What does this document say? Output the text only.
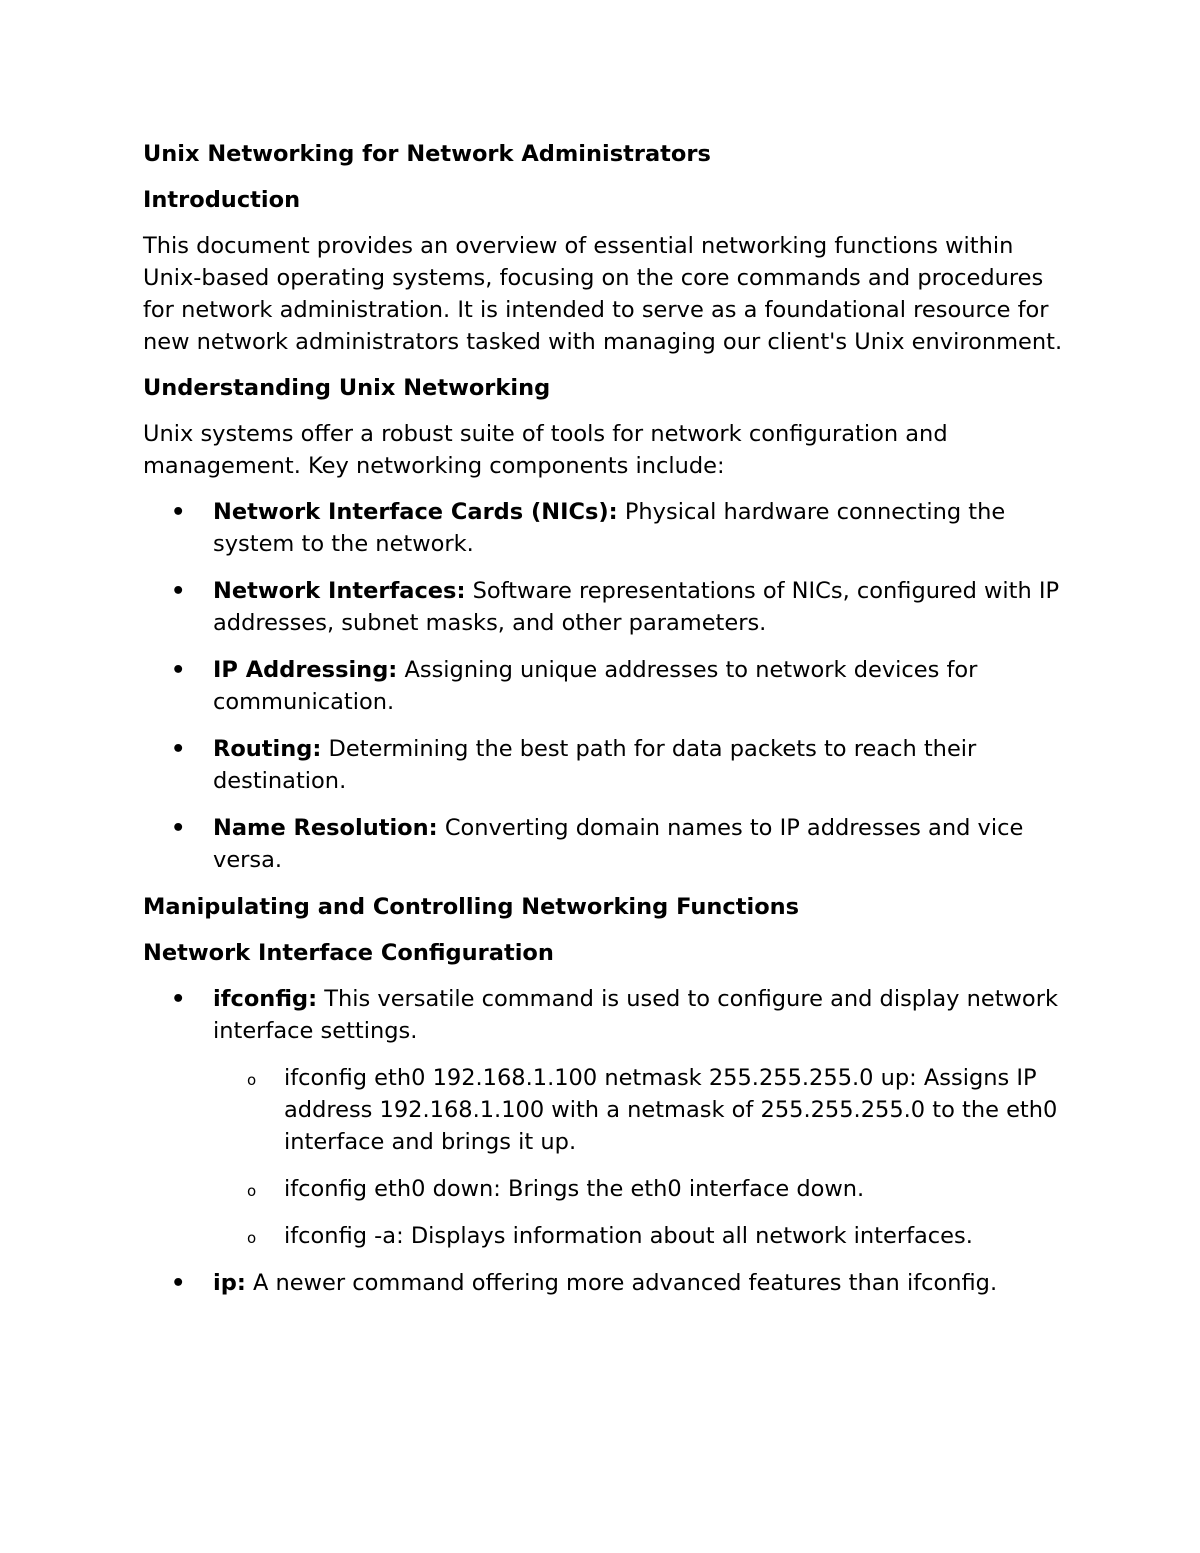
Unix Networking for Network Administrators
Introduction

This document provides an overview of essential networking functions within Unix-based operating systems, focusing on the core commands and procedures for network administration. It is intended to serve as a foundational resource for new network administrators tasked with managing our client's Unix environment.

Understanding Unix Networking

Unix systems offer a robust suite of tools for network configuration and management. Key networking components include:

• Network Interface Cards (NICs): Physical hardware connecting the system to the network.
• Network Interfaces: Software representations of NICs, configured with IP addresses, subnet masks, and other parameters.
• IP Addressing: Assigning unique addresses to network devices for communication.
• Routing: Determining the best path for data packets to reach their destination.
• Name Resolution: Converting domain names to IP addresses and vice versa.
Manipulating and Controlling Networking Functions
Network Interface Configuration
• ifconfig: This versatile command is used to configure and display network interface settings.
o ifconfig eth0 192.168.1.100 netmask 255.255.255.0 up: Assigns IP address 192.168.1.100 with a netmask of 255.255.255.0 to the eth0 interface and brings it up.
o ifconfig eth0 down: Brings the eth0 interface down.
o ifconfig -a: Displays information about all network interfaces.
• ip: A newer command offering more advanced features than ifconfig.
